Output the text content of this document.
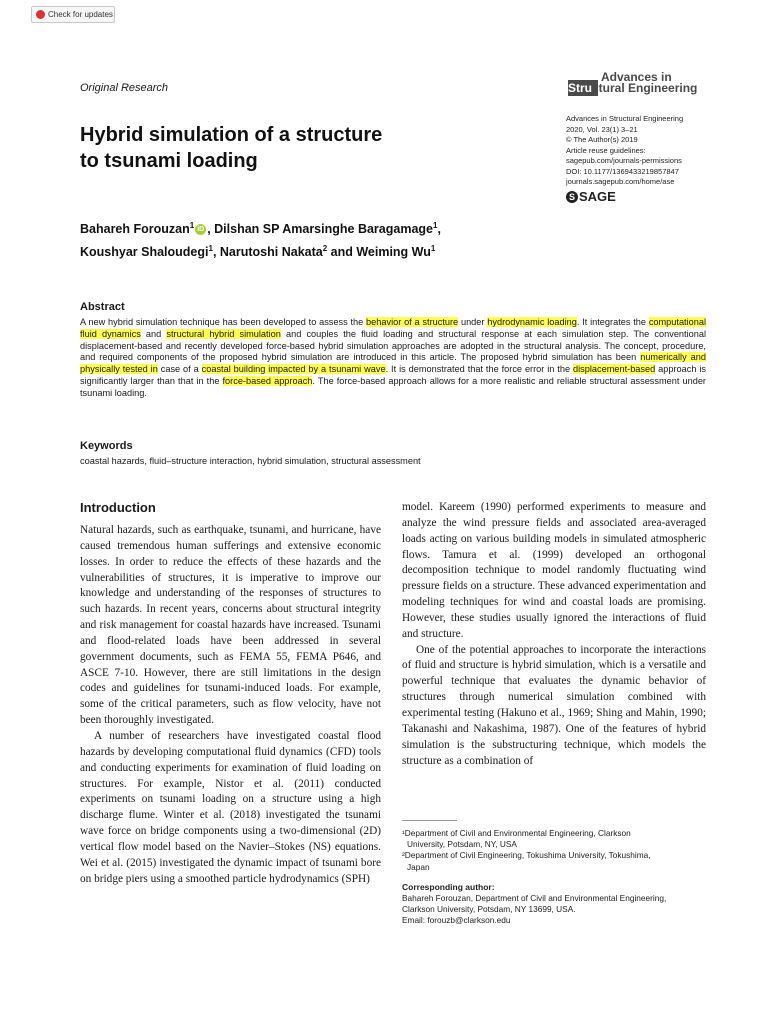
Check for updates
Original Research
Advances in
Structural Engineering
Advances in Structural Engineering
2020, Vol. 23(1) 3–21
© The Author(s) 2019
Article reuse guidelines:
sagepub.com/journals-permissions
DOI: 10.1177/1369433219857847
journals.sagepub.com/home/ase
S SAGE
Hybrid simulation of a structure
to tsunami loading
Bahareh Forouzan$^1$ iD , Dilshan SP Amarsinghe Baragamage$^1$,
Koushyar Shaloudegi$^1$, Narutoshi Nakata$^2$ and Weiming Wu$^1$
Abstract
A new hybrid simulation technique has been developed to assess the behavior of a structure under hydrodynamic loading. It integrates the computational fluid dynamics and structural hybrid simulation and couples the fluid loading and structural response at each simulation step. The conventional displacement-based and recently developed force-based hybrid simulation approaches are adopted in the structural analysis. The concept, procedure, and required components of the proposed hybrid simulation are introduced in this article. The proposed hybrid simulation has been numerically and physically tested in case of a coastal building impacted by a tsunami wave. It is demonstrated that the force error in the displacement-based approach is significantly larger than that in the force-based approach. The force-based approach allows for a more realistic and reliable structural assessment under tsunami loading.
Keywords
coastal hazards, fluid–structure interaction, hybrid simulation, structural assessment
Introduction

Natural hazards, such as earthquake, tsunami, and hurricane, have caused tremendous human sufferings and extensive economic losses. In order to reduce the effects of these hazards and the vulnerabilities of structures, it is imperative to improve our knowledge and understanding of the responses of structures to such hazards. In recent years, concerns about structural integrity and risk management for coastal hazards have increased. Tsunami and flood-related loads have been addressed in several government documents, such as FEMA 55, FEMA P646, and ASCE 7-10. However, there are still limitations in the design codes and guidelines for tsunami-induced loads. For example, some of the critical parameters, such as flow velocity, have not been thoroughly investigated.

A number of researchers have investigated coastal flood hazards by developing computational fluid dynamics (CFD) tools and conducting experiments for examination of fluid loading on structures. For example, Nistor et al. (2011) conducted experiments on tsunami loading on a structure using a high discharge flume. Winter et al. (2018) investigated the tsunami wave force on bridge components using a two-dimensional (2D) vertical flow model based on the Navier–Stokes (NS) equations. Wei et al. (2015) investigated the dynamic impact of tsunami bore on bridge piers using a smoothed particle hydrodynamics (SPH)

model. Kareem (1990) performed experiments to measure and analyze the wind pressure fields and associated area-averaged loads acting on various building models in simulated atmospheric flows. Tamura et al. (1999) developed an orthogonal decomposition technique to model randomly fluctuating wind pressure fields on a structure. These advanced experimentation and modeling techniques for wind and coastal loads are promising. However, these studies usually ignored the interactions of fluid and structure.

One of the potential approaches to incorporate the interactions of fluid and structure is hybrid simulation, which is a versatile and powerful technique that evaluates the dynamic behavior of structures through numerical simulation combined with experimental testing (Hakuno et al., 1969; Shing and Mahin, 1990; Takanashi and Nakashima, 1987). One of the features of hybrid simulation is the substructuring technique, which models the structure as a combination of

¹Department of Civil and Environmental Engineering, Clarkson
University, Potsdam, NY, USA
²Department of Civil Engineering, Tokushima University, Tokushima,
Japan
Corresponding author:
Bahareh Forouzan, Department of Civil and Environmental Engineering,
Clarkson University, Potsdam, NY 13699, USA.
Email: forouzb@clarkson.edu
